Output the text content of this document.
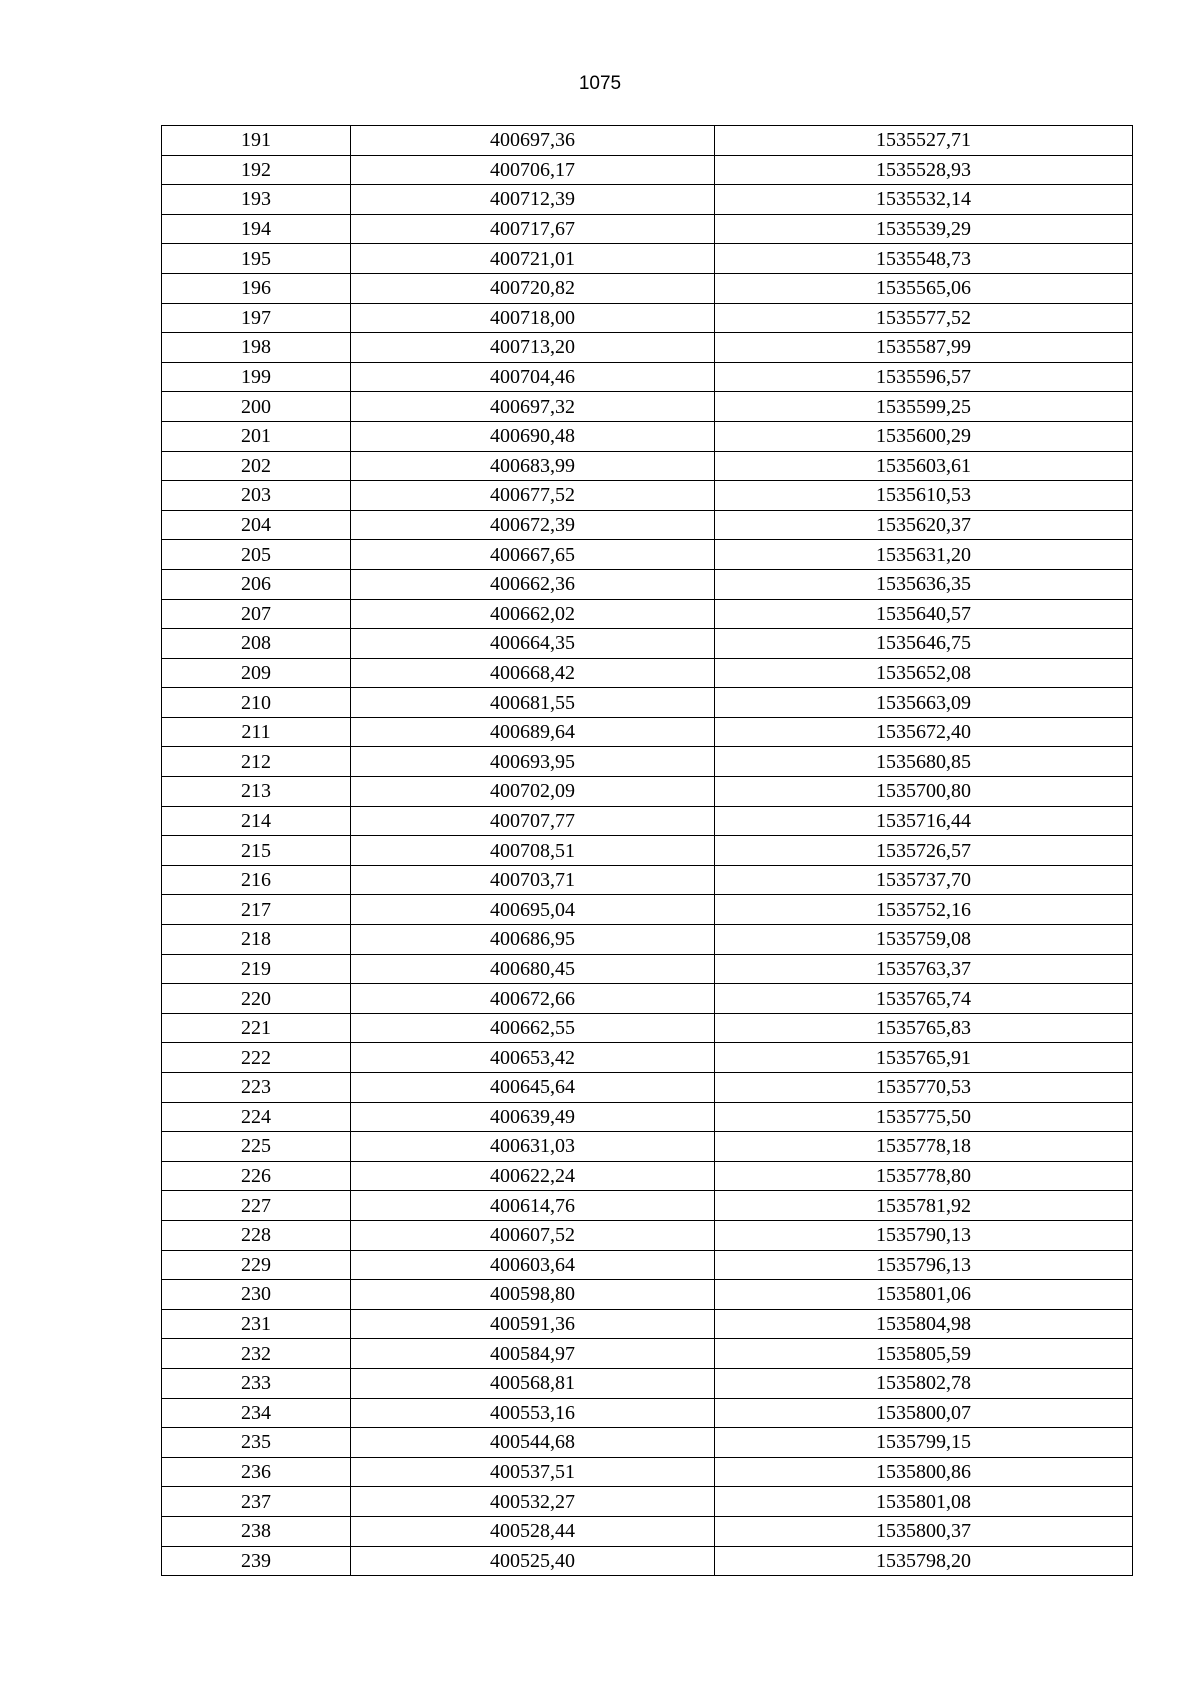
1075
191	400697,36	1535527,71
192	400706,17	1535528,93
193	400712,39	1535532,14
194	400717,67	1535539,29
195	400721,01	1535548,73
196	400720,82	1535565,06
197	400718,00	1535577,52
198	400713,20	1535587,99
199	400704,46	1535596,57
200	400697,32	1535599,25
201	400690,48	1535600,29
202	400683,99	1535603,61
203	400677,52	1535610,53
204	400672,39	1535620,37
205	400667,65	1535631,20
206	400662,36	1535636,35
207	400662,02	1535640,57
208	400664,35	1535646,75
209	400668,42	1535652,08
210	400681,55	1535663,09
211	400689,64	1535672,40
212	400693,95	1535680,85
213	400702,09	1535700,80
214	400707,77	1535716,44
215	400708,51	1535726,57
216	400703,71	1535737,70
217	400695,04	1535752,16
218	400686,95	1535759,08
219	400680,45	1535763,37
220	400672,66	1535765,74
221	400662,55	1535765,83
222	400653,42	1535765,91
223	400645,64	1535770,53
224	400639,49	1535775,50
225	400631,03	1535778,18
226	400622,24	1535778,80
227	400614,76	1535781,92
228	400607,52	1535790,13
229	400603,64	1535796,13
230	400598,80	1535801,06
231	400591,36	1535804,98
232	400584,97	1535805,59
233	400568,81	1535802,78
234	400553,16	1535800,07
235	400544,68	1535799,15
236	400537,51	1535800,86
237	400532,27	1535801,08
238	400528,44	1535800,37
239	400525,40	1535798,20
